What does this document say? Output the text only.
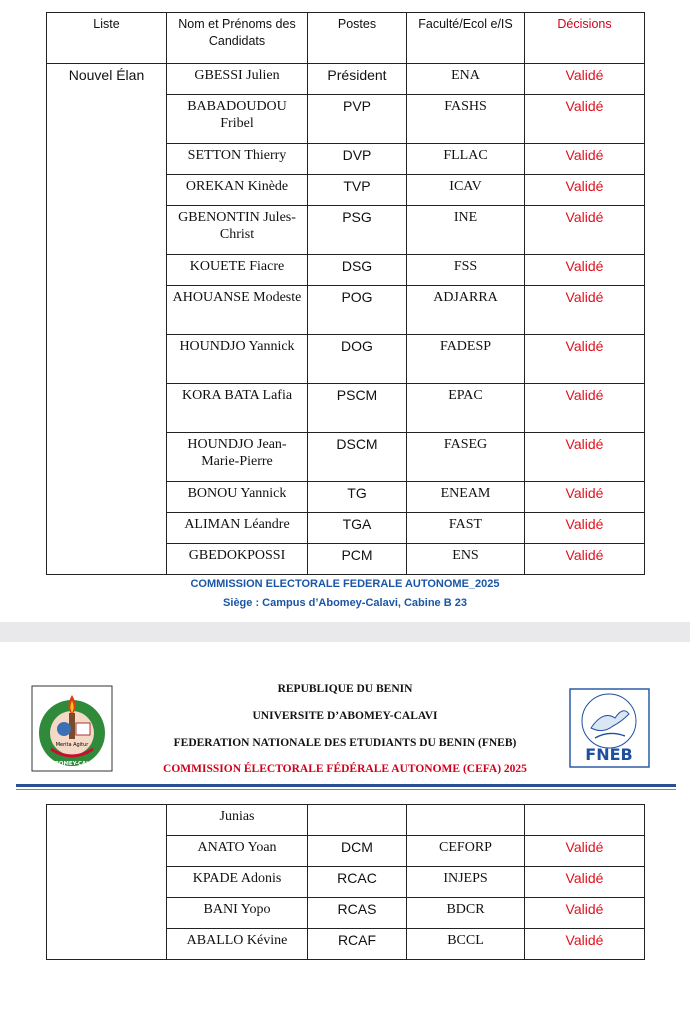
Liste	Nom et Prénoms des Candidats	Postes	Faculté/Ecol e/IS	Décisions
Nouvel Élan	GBESSI Julien	Président	ENA	Validé
	BABADOUDOU Fribel	PVP	FASHS	Validé
	SETTON Thierry	DVP	FLLAC	Validé
	OREKAN Kinède	TVP	ICAV	Validé
	GBENONTIN Jules-Christ	PSG	INE	Validé
	KOUETE Fiacre	DSG	FSS	Validé
	AHOUANSE Modeste	POG	ADJARRA	Validé
	HOUNDJO Yannick	DOG	FADESP	Validé
	KORA BATA Lafia	PSCM	EPAC	Validé
	HOUNDJO Jean-Marie-Pierre	DSCM	FASEG	Validé
	BONOU Yannick	TG	ENEAM	Validé
	ALIMAN Léandre	TGA	FAST	Validé
	GBEDOKPOSSI	PCM	ENS	Validé
COMMISSION ELECTORALE FEDERALE AUTONOME_2025
Siège : Campus d’Abomey-Calavi, Cabine B 23
Merita Agitur
D'ABOMEY-CALAVI
REPUBLIQUE DU BENIN
UNIVERSITE D’ABOMEY-CALAVI
FEDERATION NATIONALE DES ETUDIANTS DU BENIN (FNEB)
COMMISSION ÉLECTORALE FÉDÉRALE AUTONOME (CEFA) 2025
FNEB
	Junias			
	ANATO Yoan	DCM	CEFORP	Validé
	KPADE Adonis	RCAC	INJEPS	Validé
	BANI Yopo	RCAS	BDCR	Validé
	ABALLO Kévine	RCAF	BCCL	Validé
